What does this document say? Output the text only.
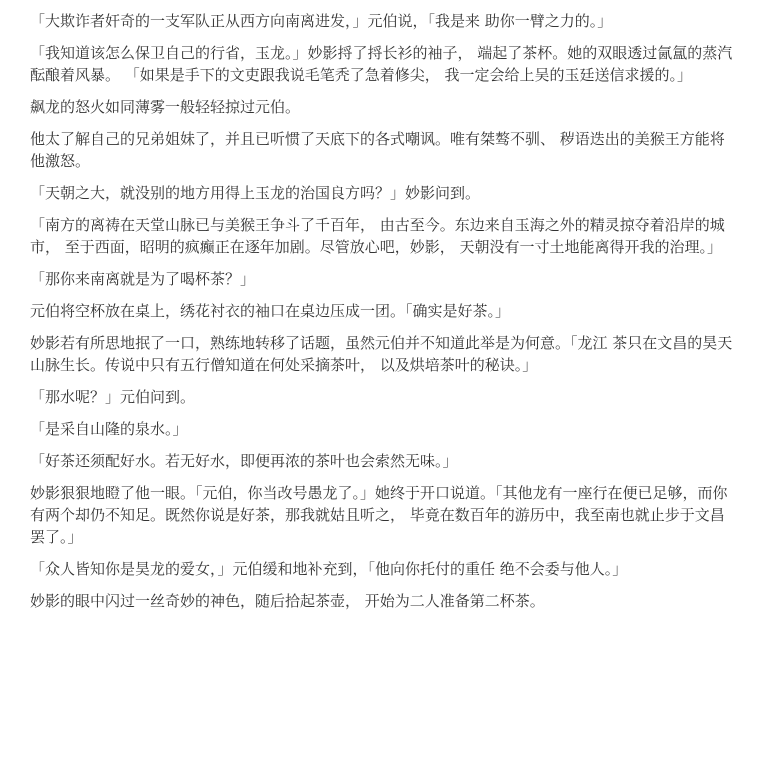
「大欺诈者奸奇的一支军队正从西方向南离进发，」元伯说，「我是来 助你一臂之力的。」

「我知道该怎么保卫自己的行省，玉龙。」妙影捋了捋长衫的袖子， 端起了茶杯。她的双眼透过氤氲的蒸汽酝酿着风暴。 「如果是手下的文吏跟我说毛笔秃了急着修尖， 我一定会给上吴的玉廷送信求援的。」

飙龙的怒火如同薄雾一般轻轻掠过元伯。

他太了解自己的兄弟姐妹了，并且已听惯了天底下的各式嘲讽。唯有桀骜不驯、 秽语迭出的美猴王方能将他激怒。

「天朝之大，就没别的地方用得上玉龙的治国良方吗？」妙影问到。

「南方的离祷在天堂山脉已与美猴王争斗了千百年， 由古至今。东边来自玉海之外的精灵掠夺着沿岸的城市， 至于西面，昭明的疯癫正在逐年加剧。尽管放心吧，妙影， 天朝没有一寸土地能离得开我的治理。」

「那你来南离就是为了喝杯茶？」

元伯将空杯放在桌上，绣花衬衣的袖口在桌边压成一团。「确实是好茶。」

妙影若有所思地抿了一口，熟练地转移了话题，虽然元伯并不知道此举是为何意。「龙江 茶只在文昌的昊天山脉生长。传说中只有五行僧知道在何处采摘茶叶， 以及烘培茶叶的秘诀。」

「那水呢？」元伯问到。

「是采自山隆的泉水。」

「好茶还须配好水。若无好水，即便再浓的茶叶也会索然无味。」

妙影狠狠地瞪了他一眼。「元伯，你当改号愚龙了。」她终于开口说道。「其他龙有一座行在便已足够，而你有两个却仍不知足。既然你说是好茶，那我就姑且听之， 毕竟在数百年的游历中，我至南也就止步于文昌罢了。」

「众人皆知你是昊龙的爱女，」元伯缓和地补充到，「他向你托付的重任 绝不会委与他人。」

妙影的眼中闪过一丝奇妙的神色，随后拾起茶壶， 开始为二人准备第二杯茶。
